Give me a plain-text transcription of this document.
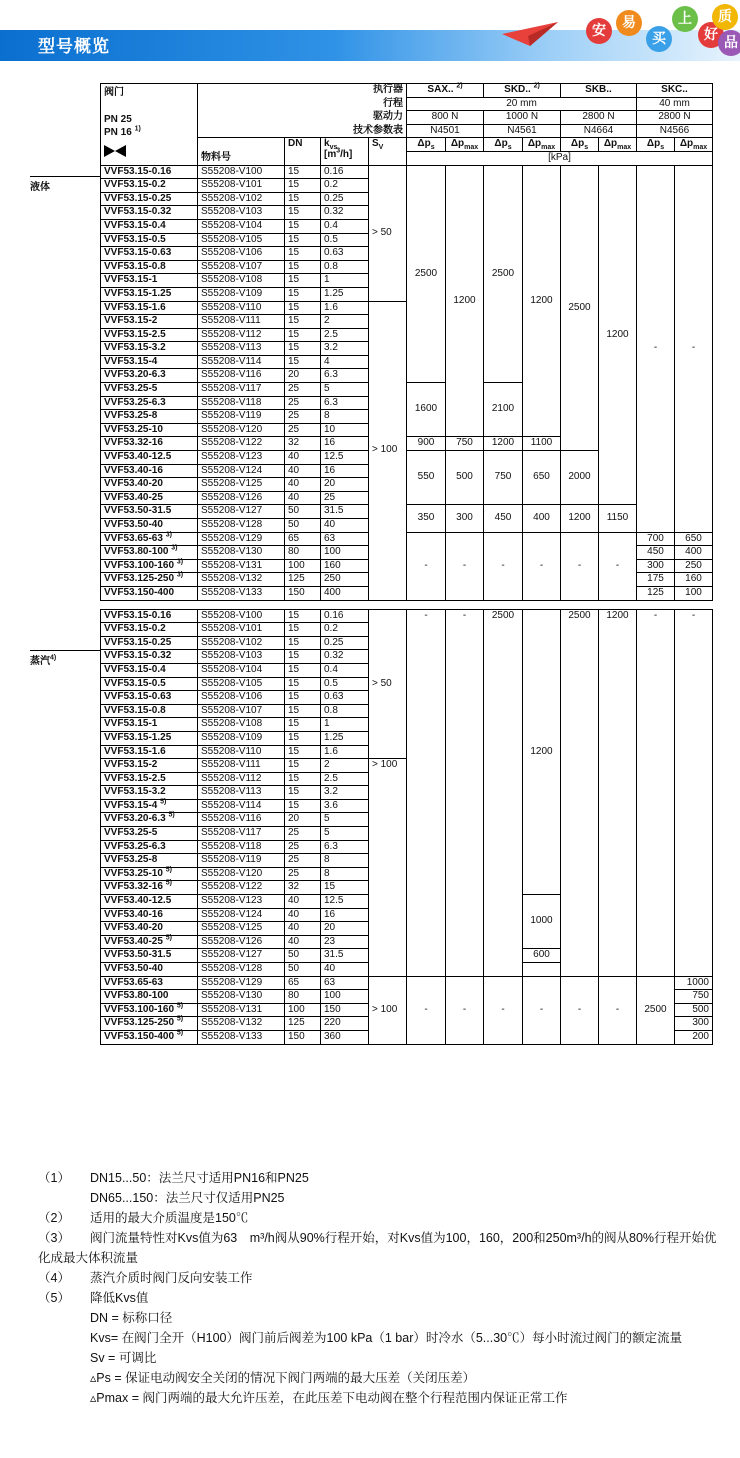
型号概览
安	易
买
上
好 品
质
液体
蒸汽$^{4)}$
阀门
PN 25
PN 16 $^{1)}$	执行器				SAX.. $^{2)}$		SKD.. $^{2)}$		SKB..		SKC..	
	行程				20 mm						40 mm	
	驱动力				800 N		1000 N		2800 N		2800 N	
	技术参数表				N4501		N4561		N4664		N4566	
	物料号	DN	$k_{vs}$
$[m^3/h]$	$S_V$	$\Delta p_s$	$\Delta p_{max}$	$\Delta p_s$	$\Delta p_{max}$	$\Delta p_s$	$\Delta p_{max}$	$\Delta p_s$	$\Delta p_{max}$
					[kPa]							
VVF53.15-0.16	S55208-V100	15	0.16	> 50	2500	1200	2500	1200	2500	1200	-	-
VVF53.15-0.2	S55208-V101	15	0.2									
VVF53.15-0.25	S55208-V102	15	0.25									
VVF53.15-0.32	S55208-V103	15	0.32									
VVF53.15-0.4	S55208-V104	15	0.4									
VVF53.15-0.5	S55208-V105	15	0.5									
VVF53.15-0.63	S55208-V106	15	0.63									
VVF53.15-0.8	S55208-V107	15	0.8									
VVF53.15-1	S55208-V108	15	1									
VVF53.15-1.25	S55208-V109	15	1.25									
VVF53.15-1.6	S55208-V110	15	1.6	> 100								
VVF53.15-2	S55208-V111	15	2									
VVF53.15-2.5	S55208-V112	15	2.5									
VVF53.15-3.2	S55208-V113	15	3.2									
VVF53.15-4	S55208-V114	15	4									
VVF53.20-6.3	S55208-V116	20	6.3									
VVF53.25-5	S55208-V117	25	5		1600		2100					
VVF53.25-6.3	S55208-V118	25	6.3									
VVF53.25-8	S55208-V119	25	8									
VVF53.25-10	S55208-V120	25	10									
VVF53.32-16	S55208-V122	32	16		900	750	1200	1100				
VVF53.40-12.5	S55208-V123	40	12.5		550	500	750	650	2000			
VVF53.40-16	S55208-V124	40	16									
VVF53.40-20	S55208-V125	40	20									
VVF53.40-25	S55208-V126	40	25									
VVF53.50-31.5	S55208-V127	50	31.5		350	300	450	400	1200	1150		
VVF53.50-40	S55208-V128	50	40									
VVF53.65-63 $^{3)}$	S55208-V129	65	63		-	-	-	-	-	-	700	650
VVF53.80-100 $^{3)}$	S55208-V130	80	100								450	400
VVF53.100-160 $^{3)}$	S55208-V131	100	160								300	250
VVF53.125-250 $^{3)}$	S55208-V132	125	250								175	160
VVF53.150-400	S55208-V133	150	400								125	100

VVF53.15-0.16	S55208-V100	15	0.16	> 50	-	-	2500	1200	2500	1200	-	-
VVF53.15-0.2	S55208-V101	15	0.2									
VVF53.15-0.25	S55208-V102	15	0.25									
VVF53.15-0.32	S55208-V103	15	0.32									
VVF53.15-0.4	S55208-V104	15	0.4									
VVF53.15-0.5	S55208-V105	15	0.5									
VVF53.15-0.63	S55208-V106	15	0.63									
VVF53.15-0.8	S55208-V107	15	0.8									
VVF53.15-1	S55208-V108	15	1									
VVF53.15-1.25	S55208-V109	15	1.25									
VVF53.15-1.6	S55208-V110	15	1.6									
VVF53.15-2	S55208-V111	15	2	> 100								
VVF53.15-2.5	S55208-V112	15	2.5									
VVF53.15-3.2	S55208-V113	15	3.2									
VVF53.15-4 $^{5)}$	S55208-V114	15	3.6									
VVF53.20-6.3 $^{5)}$	S55208-V116	20	5									
VVF53.25-5	S55208-V117	25	5									
VVF53.25-6.3	S55208-V118	25	6.3									
VVF53.25-8	S55208-V119	25	8									
VVF53.25-10 $^{5)}$	S55208-V120	25	8									
VVF53.32-16 $^{5)}$	S55208-V122	32	15									
VVF53.40-12.5	S55208-V123	40	12.5					1000				
VVF53.40-16	S55208-V124	40	16									
VVF53.40-20	S55208-V125	40	20									
VVF53.40-25 $^{5)}$	S55208-V126	40	23									
VVF53.50-31.5	S55208-V127	50	31.5					600				
VVF53.50-40	S55208-V128	50	40									
VVF53.65-63	S55208-V129	65	63	> 100	-	-	-	-	-	-	2500	1000
VVF53.80-100	S55208-V130	80	100									750
VVF53.100-160 $^{5)}$	S55208-V131	100	150									500
VVF53.125-250 $^{5)}$	S55208-V132	125	220									300
VVF53.150-400 $^{5)}$	S55208-V133	150	360									200
（1） DN15...50：法兰尺寸适用PN16和PN25
DN65...150：法兰尺寸仅适用PN25
（2） 适用的最大介质温度是150℃
（3） 阀门流量特性对Kvs值为63　m³/h阀从90%行程开始，对Kvs值为100，160，200和250m³/h的阀从80%行程开始优化成最大体积流量
（4） 蒸汽介质时阀门反向安装工作
（5） 降低Kvs值
DN = 标称口径
Kvs= 在阀门全开（H100）阀门前后阀差为100 kPa（1 bar）时冷水（5...30℃）每小时流过阀门的额定流量
Sv = 可调比
▵Ps = 保证电动阀安全关闭的情况下阀门两端的最大压差（关闭压差）
▵Pmax = 阀门两端的最大允许压差，在此压差下电动阀在整个行程范围内保证正常工作
